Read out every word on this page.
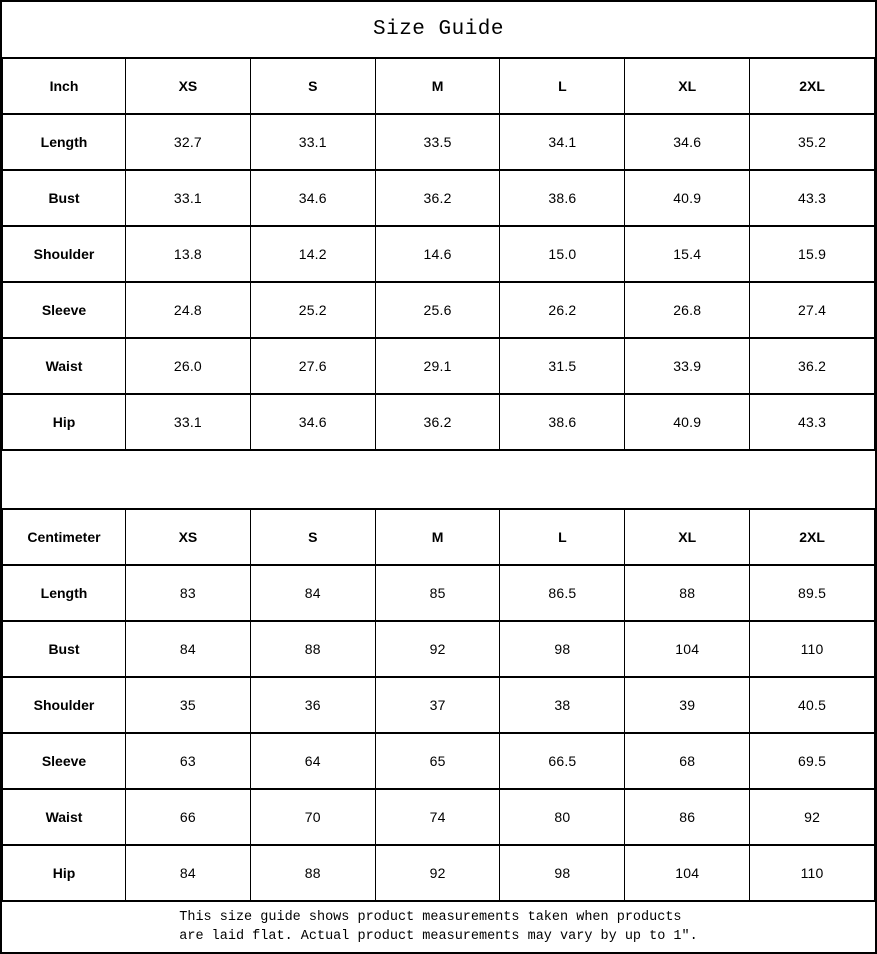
Size Guide
Inch	XS	S	M	L	XL	2XL
Length	32.7	33.1	33.5	34.1	34.6	35.2
Bust	33.1	34.6	36.2	38.6	40.9	43.3
Shoulder	13.8	14.2	14.6	15.0	15.4	15.9
Sleeve	24.8	25.2	25.6	26.2	26.8	27.4
Waist	26.0	27.6	29.1	31.5	33.9	36.2
Hip	33.1	34.6	36.2	38.6	40.9	43.3
Centimeter	XS	S	M	L	XL	2XL
Length	83	84	85	86.5	88	89.5
Bust	84	88	92	98	104	110
Shoulder	35	36	37	38	39	40.5
Sleeve	63	64	65	66.5	68	69.5
Waist	66	70	74	80	86	92
Hip	84	88	92	98	104	110
This size guide shows product measurements taken when products
are laid flat. Actual product measurements may vary by up to 1″.
